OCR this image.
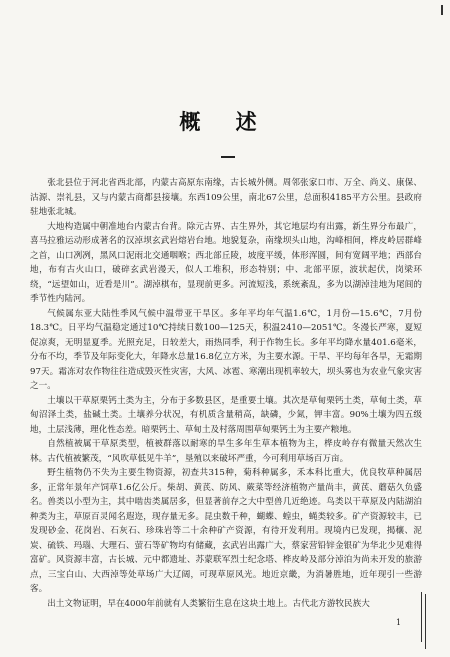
概 述

张北县位于河北省西北部，内蒙古高原东南缘，古长城外侧。周邻张家口市、万全、尚义、康保、沽源、崇礼县，又与内蒙古商都县接壤。东西109公里，南北67公里，总面积4185平方公里。县政府驻地张北城。

大地构造属中朝准地台内蒙古台背。除元古界、古生界外，其它地层均有出露，新生界分布最广，喜马拉雅运动形成著名的汉淖坝玄武岩熔岩台地。地貌复杂，南缘坝头山地，沟峰相间，桦皮岭居群峰之首，山口冽冽，黑风口泥雨北交通咽喉；西北部丘陵，坡度平缓，体形浑圆，间有宽阔平地；西部台地，布有古火山口，破碎玄武岩漫天，似人工堆积，形态特别；中、北部平原，波状起伏，岗梁环绕，“远望如山，近看是川”。湖淖棋布，显现前更多。河流短浅，系统紊乱，多为以湖淖洼地为尾闾的季节性内陆河。

气候属东亚大陆性季风气候中温带亚干旱区。多年平均年气温1.6℃，1月份—15.6℃，7月份18.3℃。日平均气温稳定通过10℃持续日数100—125天，积温2410—2051℃。冬漫长严寒，夏短促凉爽，无明显夏季。光照充足，日较差大，雨热同季，利于作物生长。多年平均降水量401.6毫米，分布不均，季节及年际变化大，年降水总量16.8亿立方米，为主要水源。干旱、平均每年各旱，无霜期97天。霜冻对农作物往往造成毁灭性灾害，大风、冰雹、寒潮出现机率较大，坝头雾也为农业气象灾害之一。

土壤以干草原栗钙土类为主，分布于多数县区，是重要土壤。其次是草甸栗钙土类，草甸土类，草甸沼泽土类，盐碱土类。土壤养分状况，有机质含量稍高，缺磷，少氮，钾丰富。90%土壤为四五级地，土层浅薄，理化性态差。暗栗钙土、草甸土及村落周围草甸栗钙土为主要产粮地。

自然植被属干草原类型，植被群落以耐寒的旱生多年生草本植物为主，桦皮岭存有微量天然次生林。古代植被繁茂，“风吹草低见牛羊”，垦殖以来破坏严重，今可利用草场百万亩。

野生植物仍不失为主要生物资源，初查共315种，菊科种属多，禾本科比重大，优良牧草种属居多，正常年景年产饲草1.6亿公斤。柴胡、黄芪、防风、蕨菜等经济植物产量尚丰，黄芪、蘑菇久负盛名。兽类以小型为主，其中啮齿类属居多，但显著前存之大中型兽几近绝迹。鸟类以干草原及内陆湖泊种类为主，草原百灵闻名遐迩，现存量无多。昆虫数千种，蝴蝶、蝗虫，蝇类较多。矿产资源较丰，已发现砂金、花岗岩、石灰石、珍珠岩等二十余种矿产资源，有待开发利用。现境内已发现，揭穰、泥炭、硫铁、玛瑙、大理石、萤石等矿物均有储藏，玄武岩出露广大，蔡家营铅锌金银矿为华北少见难得富矿。风资源丰富，古长城、元中都遗址、苏蒙联军烈士纪念塔、桦皮岭及部分淖泊为尚未开发的旅游点，三宝白山、大西淖等处草场广大辽阔，可现草原风光。地近京畿，为消暑胜地，近年现引一些游客。

出土文物证明，早在4000年前就有人类繁衍生息在这块土地上。古代北方游牧民族大

1
